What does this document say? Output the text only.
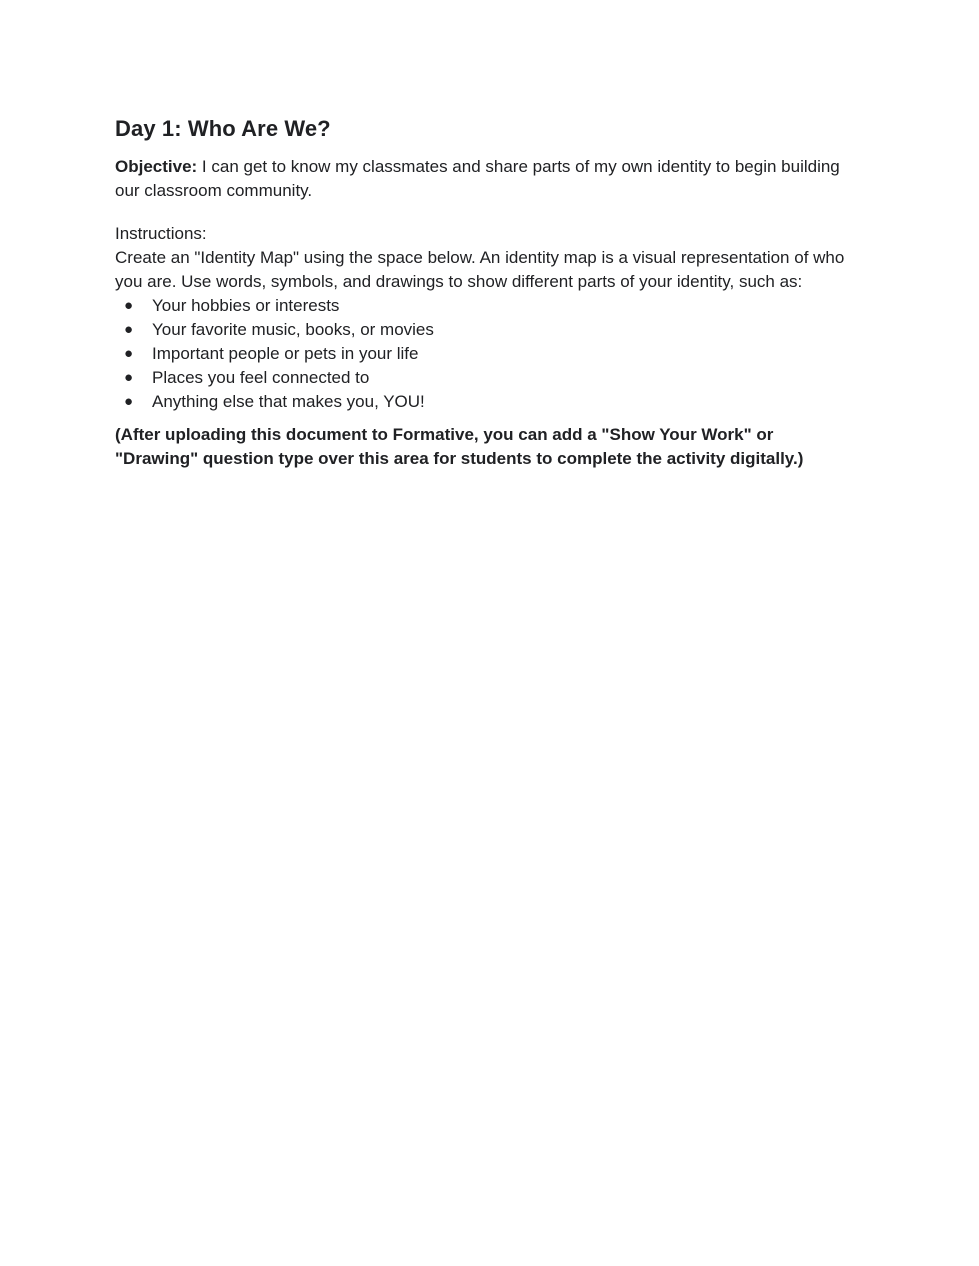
Day 1: Who Are We?

Objective: I can get to know my classmates and share parts of my own identity to begin building our classroom community.

Instructions:

Create an "Identity Map" using the space below. An identity map is a visual representation of who you are. Use words, symbols, and drawings to show different parts of your identity, such as:

● Your hobbies or interests
● Your favorite music, books, or movies
● Important people or pets in your life
● Places you feel connected to
● Anything else that makes you, YOU!

(After uploading this document to Formative, you can add a "Show Your Work" or "Drawing" question type over this area for students to complete the activity digitally.)
